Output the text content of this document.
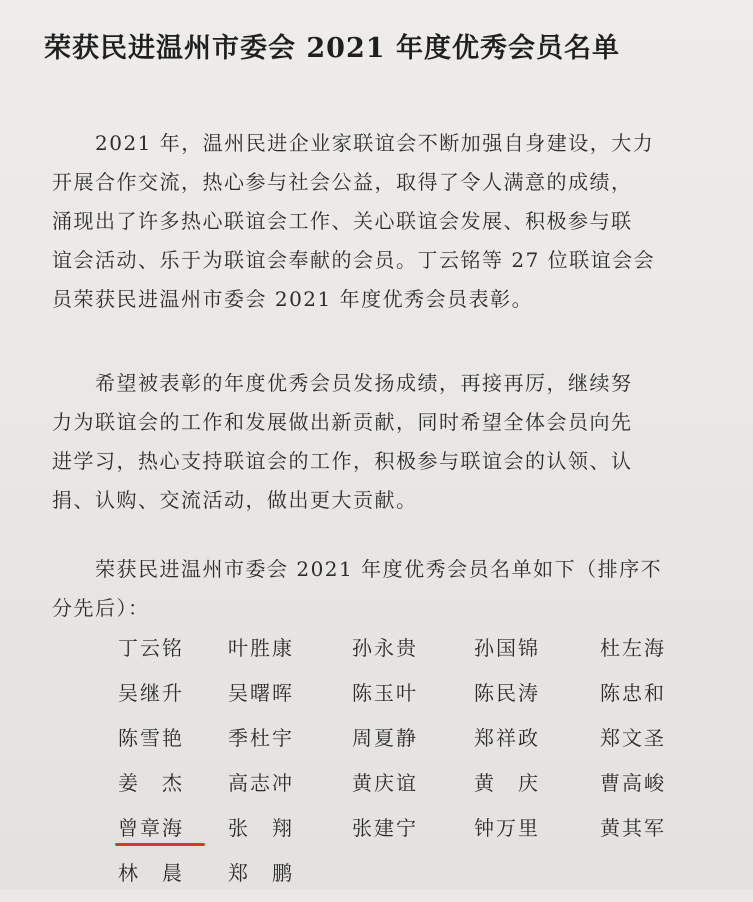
荣获民进温州市委会 2021 年度优秀会员名单
　　2021 年，温州民进企业家联谊会不断加强自身建设，大力
开展合作交流，热心参与社会公益，取得了令人满意的成绩，
涌现出了许多热心联谊会工作、关心联谊会发展、积极参与联
谊会活动、乐于为联谊会奉献的会员。丁云铭等 27 位联谊会会
员荣获民进温州市委会 2021 年度优秀会员表彰。
　　希望被表彰的年度优秀会员发扬成绩，再接再厉，继续努
力为联谊会的工作和发展做出新贡献，同时希望全体会员向先
进学习，热心支持联谊会的工作，积极参与联谊会的认领、认
捐、认购、交流活动，做出更大贡献。
　　荣获民进温州市委会 2021 年度优秀会员名单如下（排序不
分先后）：
丁云铭 叶胜康	孙永贵	孙国锦	杜左海
吴继升 吴曙晖	陈玉叶	陈民涛	陈忠和
陈雪艳 季杜宇	周夏静	郑祥政	郑文圣
姜　杰 高志冲	黄庆谊	黄　庆	曹高峻
曾章海 张　翔	张建宁	钟万里	黄其军
林　晨 郑　鹏
